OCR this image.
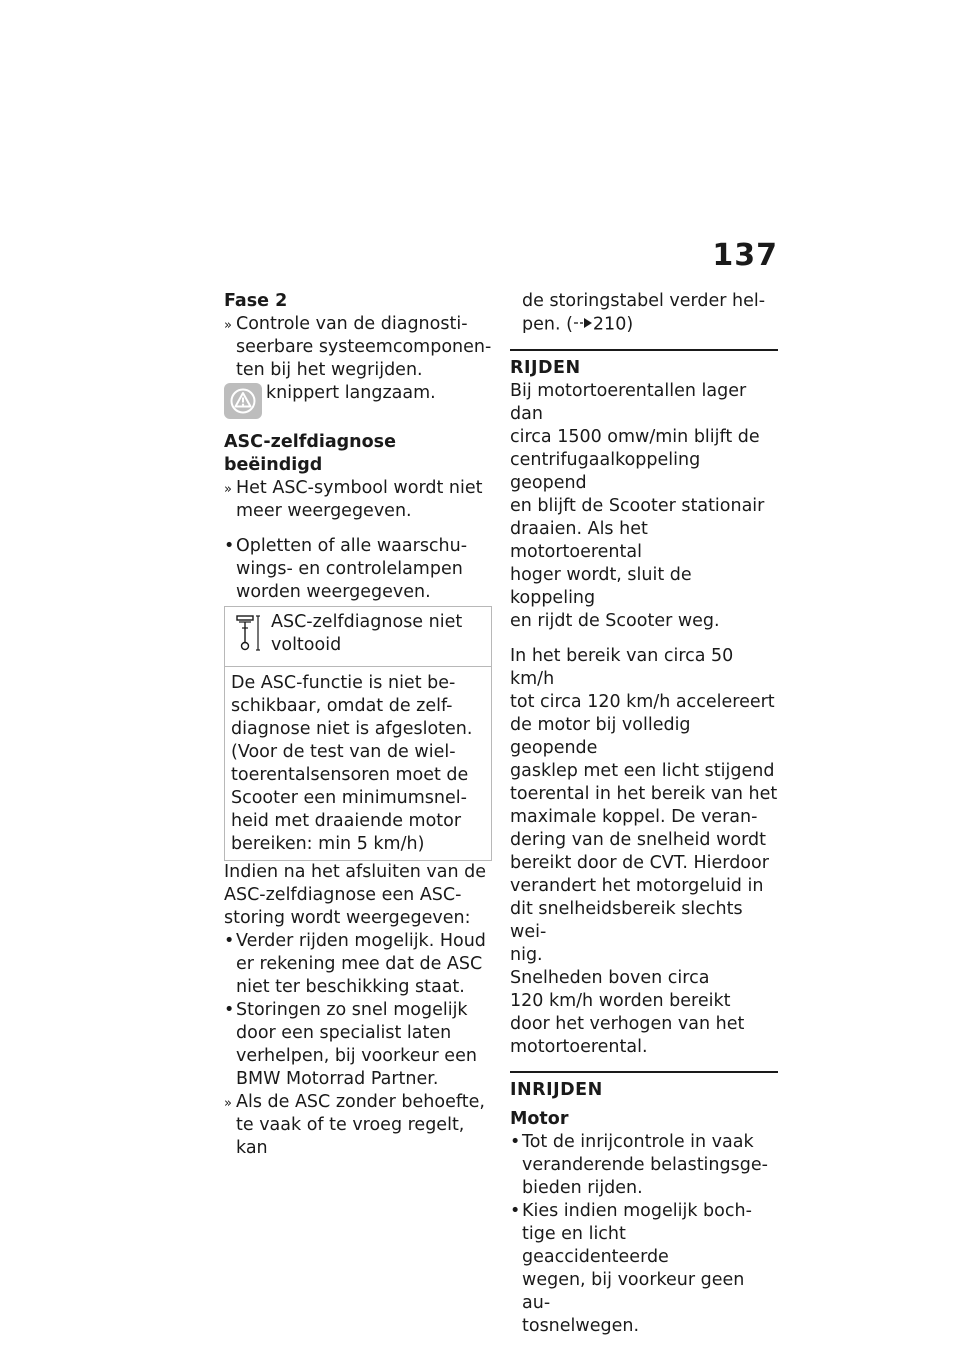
137

Fase 2

» Controle van de diagnosti-
seerbare systeemcomponen-
ten bij het wegrijden.
knippert langzaam.

ASC-zelfdiagnose beëindigd

» Het ASC-symbool wordt niet
meer weergegeven.
• Opletten of alle waarschu-
wings- en controlelampen
worden weergegeven.
ASC-zelfdiagnose niet
voltooid
De ASC-functie is niet be-
schikbaar, omdat de zelf-
diagnose niet is afgesloten.
(Voor de test van de wiel-
toerentalsensoren moet de
Scooter een minimumsnel-
heid met draaiende motor
bereiken: min 5 km/h)
Indien na het afsluiten van de
ASC-zelfdiagnose een ASC-
storing wordt weergegeven:
• Verder rijden mogelijk. Houd
er rekening mee dat de ASC
niet ter beschikking staat.
• Storingen zo snel mogelijk
door een specialist laten
verhelpen, bij voorkeur een
BMW Motorrad Partner.
» Als de ASC zonder behoefte,
te vaak of te vroeg regelt, kan
de storingstabel verder hel-
pen. ( 210)

RIJDEN

Bij motortoerentallen lager dan
circa 1500 omw/min blijft de
centrifugaalkoppeling geopend
en blijft de Scooter stationair
draaien. Als het motortoerental
hoger wordt, sluit de koppeling
en rijdt de Scooter weg.
In het bereik van circa 50 km/h
tot circa 120 km/h accelereert
de motor bij volledig geopende
gasklep met een licht stijgend
toerental in het bereik van het
maximale koppel. De veran-
dering van de snelheid wordt
bereikt door de CVT. Hierdoor
verandert het motorgeluid in
dit snelheidsbereik slechts wei-
nig.
Snelheden boven circa
120 km/h worden bereikt
door het verhogen van het
motortoerental.

INRIJDEN

Motor

• Tot de inrijcontrole in vaak
veranderende belastingsge-
bieden rijden.
• Kies indien mogelijk boch-
tige en licht geaccidenteerde
wegen, bij voorkeur geen au-
tosnelwegen.
